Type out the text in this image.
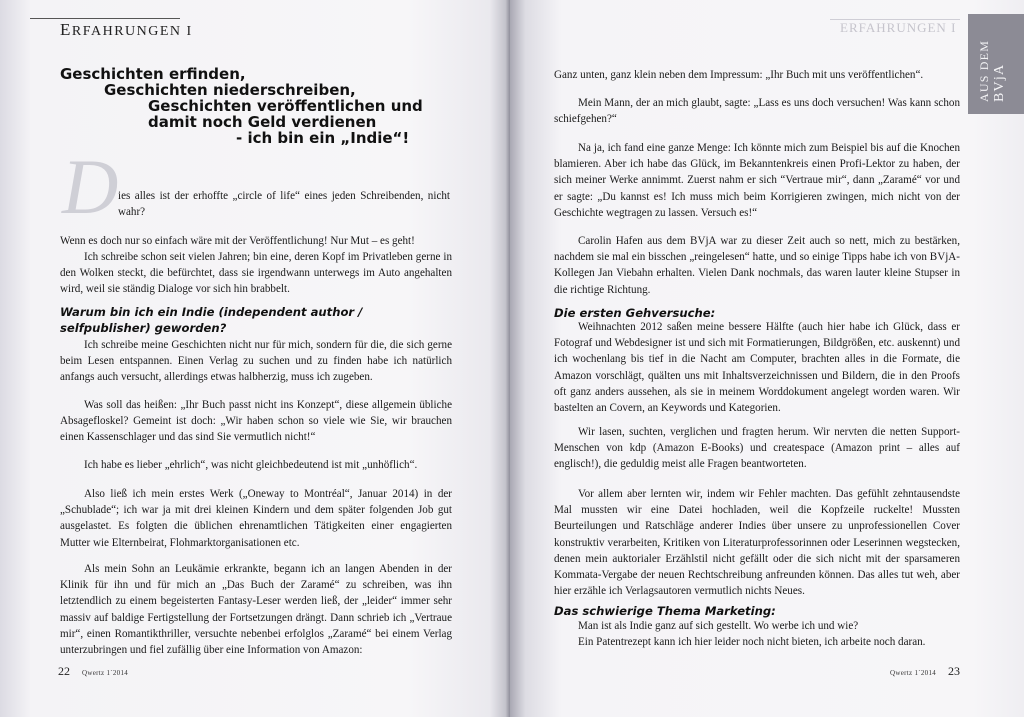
ERFAHRUNGEN I
Geschichten erfinden,
Geschichten niederschreiben,
Geschichten veröffentlichen und
damit noch Geld verdienen
- ich bin ein „Indie“!
D ies alles ist der erhoffte „circle of life“ eines jeden Schreibenden, nicht wahr?
Wenn es doch nur so einfach wäre mit der Veröffentlichung! Nur Mut – es geht!
Ich schreibe schon seit vielen Jahren; bin eine, deren Kopf im Privatleben gerne in den Wolken steckt, die befürchtet, dass sie irgendwann unterwegs im Auto angehalten wird, weil sie ständig Dialoge vor sich hin brabbelt.
Warum bin ich ein Indie (independent author / selfpublisher) geworden?
Ich schreibe meine Geschichten nicht nur für mich, sondern für die, die sich gerne beim Lesen entspannen. Einen Verlag zu suchen und zu finden habe ich natürlich anfangs auch versucht, allerdings etwas halbherzig, muss ich zugeben.
Was soll das heißen: „Ihr Buch passt nicht ins Konzept“, diese allgemein übliche Absagefloskel? Gemeint ist doch: „Wir haben schon so viele wie Sie, wir brauchen einen Kassenschlager und das sind Sie vermutlich nicht!“
Ich habe es lieber „ehrlich“, was nicht gleichbedeutend ist mit „unhöflich“.
Also ließ ich mein erstes Werk („Oneway to Montréal“, Januar 2014) in der „Schublade“; ich war ja mit drei kleinen Kindern und dem später folgenden Job gut ausgelastet. Es folgten die üblichen ehrenamtlichen Tätigkeiten einer engagierten Mutter wie Elternbeirat, Flohmarktorganisationen etc.
Als mein Sohn an Leukämie erkrankte, begann ich an langen Abenden in der Klinik für ihn und für mich an „Das Buch der Zaramé“ zu schreiben, was ihn letztendlich zu einem begeisterten Fantasy-Leser werden ließ, der „leider“ immer sehr massiv auf baldige Fertigstellung der Fortsetzungen drängt. Dann schrieb ich „Vertraue mir“, einen Romantikthriller, versuchte nebenbei erfolglos „Zaramé“ bei einem Verlag unterzubringen und fiel zufällig über eine Information von Amazon:
22 Qwertz 1´2014
ERFAHRUNGEN I
AUS DEM BVjA
Ganz unten, ganz klein neben dem Impressum: „Ihr Buch mit uns veröffentlichen“.
Mein Mann, der an mich glaubt, sagte: „Lass es uns doch versuchen! Was kann schon schiefgehen?“
Na ja, ich fand eine ganze Menge: Ich könnte mich zum Beispiel bis auf die Knochen blamieren. Aber ich habe das Glück, im Bekanntenkreis einen Profi-Lektor zu haben, der sich meiner Werke annimmt. Zuerst nahm er sich “Vertraue mir“, dann „Zaramé“ vor und er sagte: „Du kannst es! Ich muss mich beim Korrigieren zwingen, mich nicht von der Geschichte wegtragen zu lassen. Versuch es!“
Carolin Hafen aus dem BVjA war zu dieser Zeit auch so nett, mich zu bestärken, nachdem sie mal ein bisschen „reingelesen“ hatte, und so einige Tipps habe ich von BVjA-Kollegen Jan Viebahn erhalten. Vielen Dank nochmals, das waren lauter kleine Stupser in die richtige Richtung.
Die ersten Gehversuche:
Weihnachten 2012 saßen meine bessere Hälfte (auch hier habe ich Glück, dass er Fotograf und Webdesigner ist und sich mit Formatierungen, Bildgrößen, etc. auskennt) und ich wochenlang bis tief in die Nacht am Computer, brachten alles in die Formate, die Amazon vorschlägt, quälten uns mit Inhaltsverzeichnissen und Bildern, die in den Proofs oft ganz anders aussehen, als sie in meinem Worddokument angelegt worden waren. Wir bastelten an Covern, an Keywords und Kategorien.
Wir lasen, suchten, verglichen und fragten herum. Wir nervten die netten Support-Menschen von kdp (Amazon E-Books) und createspace (Amazon print – alles auf englisch!), die geduldig meist alle Fragen beantworteten.
Vor allem aber lernten wir, indem wir Fehler machten. Das gefühlt zehntausendste Mal mussten wir eine Datei hochladen, weil die Kopfzeile ruckelte! Mussten Beurteilungen und Ratschläge anderer Indies über unsere zu unprofessionellen Cover konstruktiv verarbeiten, Kritiken von Literaturprofessorinnen oder Leserinnen wegstecken, denen mein auktorialer Erzählstil nicht gefällt oder die sich nicht mit der sparsameren Kommata-Vergabe der neuen Rechtschreibung anfreunden können. Das alles tut weh, aber hier erzähle ich Verlagsautoren vermutlich nichts Neues.
Das schwierige Thema Marketing:
Man ist als Indie ganz auf sich gestellt. Wo werbe ich und wie?
Ein Patentrezept kann ich hier leider noch nicht bieten, ich arbeite noch daran.
Qwertz 1´2014 23
